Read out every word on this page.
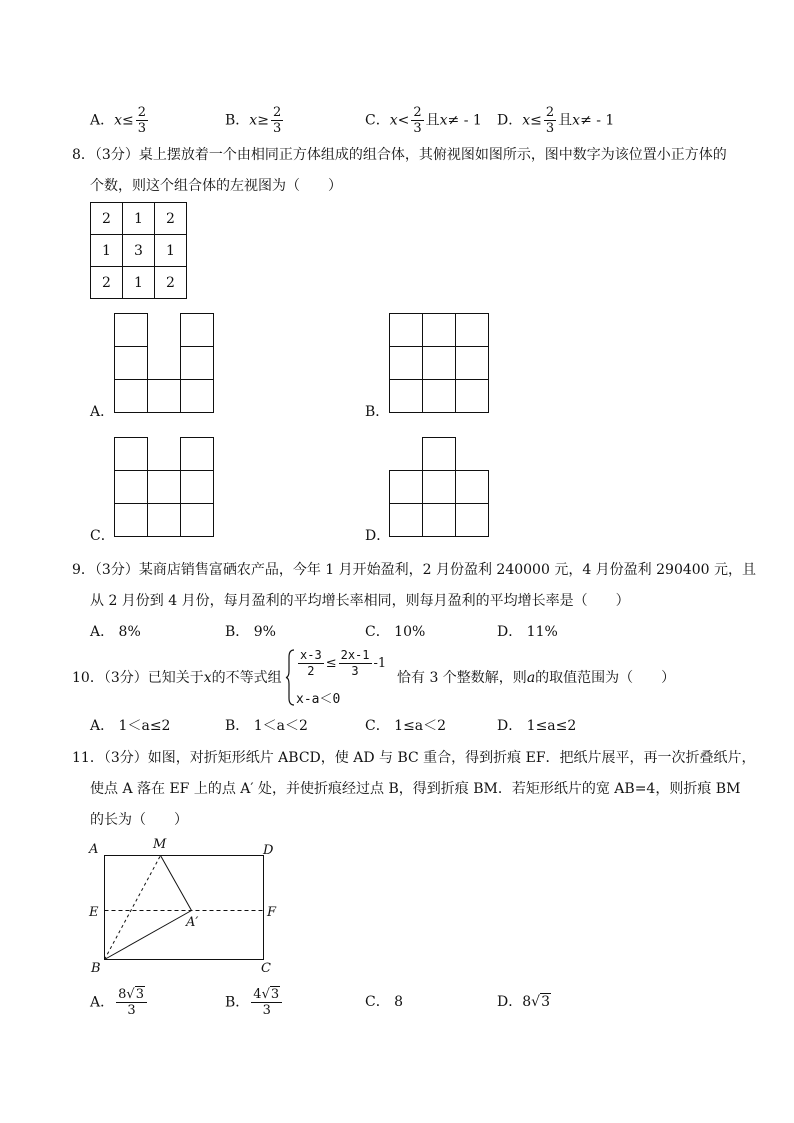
A．$x\le \frac{2}{3}$	B．$x\ge \frac{2}{3}$	C．$x< \frac{2}{3}$ 且x≠ - 1 D．$x\le \frac{2}{3}$ 且x≠ - 1
8．（3分）桌上摆放着一个由相同正方体组成的组合体，其俯视图如图所示，图中数字为该位置小正方体的
个数，则这个组合体的左视图为（　　）
2	1	2
1	3	1
2	1	2
A．	B．
C．	D．
9．（3分）某商店销售富硒农产品，今年 1 月开始盈利，2 月份盈利 240000 元，4 月份盈利 290400 元，且
从 2 月份到 4 月份，每月盈利的平均增长率相同，则每月盈利的平均增长率是（　　）
A． 8%	B． 9%	C． 10%	D． 11%
10．（3分）已知关于x的不等式组 $\frac{x-3}{2} \le \frac{2x-1}{3} -1$
x-a＜0
恰有 3 个整数解，则a的取值范围为（　　）
A． 1＜a≤2	B． 1＜a＜2	C． 1≤a＜2	D． 1≤a≤2
11．（3分）如图，对折矩形纸片 ABCD，使 AD 与 BC 重合，得到折痕 EF．把纸片展平，再一次折叠纸片，
使点 A 落在 EF 上的点 A′ 处，并使折痕经过点 B，得到折痕 BM．若矩形纸片的宽 AB=4，则折痕 BM
的长为（　　）
A	M	D
E	F
A′
B	C
A． $\frac{8√3}{3}$	B． $\frac{4√3}{3}$	C． 8	D．8√3
